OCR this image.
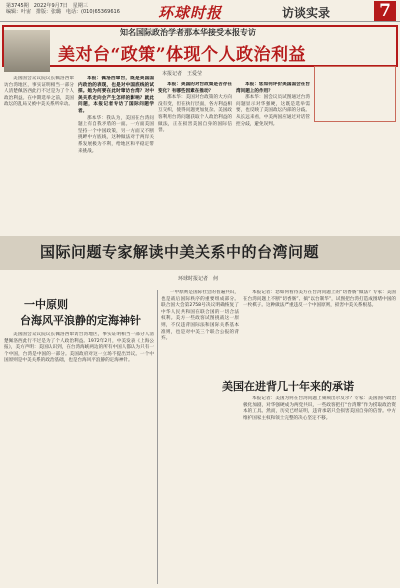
第3745期　2022年9月7日　星期三
编辑：叶宙　排版：张璐　电话：(010)65369616	环球时报	访谈实录	7
知名国际政治学者那本华接受本报专访
美对台“政策”体现个人政治利益
本报记者　王爱莹

美国国会众议院议长佩洛西窜访台湾地区，事实证明相当一部分人清楚佩洛西此行不过是为了个人政治利益。在中期选举之前，美国政坛的乱局又被中美关系所牵动。

本报：佩洛西窜台，既是美国国内政治的表现，也是对中国底线的试探。她为何要在此时窜访台湾？对中美关系走向会产生怎样的影响？就此问题，本报记者专访了国际问题学者。

那本华：我认为，美国在台湾问题上有自我矛盾的一面。一方面美国坚持一个中国政策，另一方面又不断挑衅中方底线，这种做法对于两岸关系发展极为不利，给地区和平稳定带来挑战。

本报：美国的对台政策是否存在变化？有哪些因素在推动？

那本华：美国对台政策的大方向没有变，但在执行层面，各方利益相互交织，使得问题更加复杂。美国政客利用台湾问题获取个人政治利益的做法，正在损害美国自身的国际信誉。

本报：您如何评价美国国会在台湾问题上的作用？

那本华：国会议员试图通过台湾问题显示对华强硬，这既是选举需要，也反映了美国政坛内部的分歧。从长远来看，中美两国应通过对话管控分歧，避免误判。

国际问题专家解读中美关系中的台湾问题
环球时报记者　何
一中原则
台海风平浪静的定海神针

美国国会众议院议长佩洛西窜访台湾地区，事实证明相当一部分人清楚佩洛西此行不过是为了个人政治利益。1972年2月，中美发表《上海公报》，美方声明：美国认识到，在台湾海峡两边的所有中国人都认为只有一个中国，台湾是中国的一部分。美国政府对这一立场不提出异议。一个中国原则是中美关系的政治基础，也是台海风平浪静的定海神针。

一中原则是国际社会的普遍共识，也是战后国际秩序的重要组成部分。联合国大会第2758号决议明确恢复了中华人民共和国在联合国的一切合法权利。美方一些政客试图挑战这一原则，不仅违背国际法和国际关系基本准则，也是对中美三个联合公报的背弃。

本报记者：您如何看待美方在台湾问题上的“切香肠”做法？专家：美国在台湾问题上不断“切香肠”、搞“以台制华”，试图把台湾打造成围堵中国的一枚棋子。这种做法严重违反一个中国原则，损害中美关系根基。

美国在进背几十年来的承诺

本报记者：美国为何在台湾问题上频频出尔反尔？专家：美国国内政治极化加剧，对华强硬成为两党共识，一些政客把打“台湾牌”作为捞取政治资本的工具。然而，历史已经证明，违背承诺只会损害美国自身的信誉。中方维护国家主权和领土完整的决心坚定不移。
